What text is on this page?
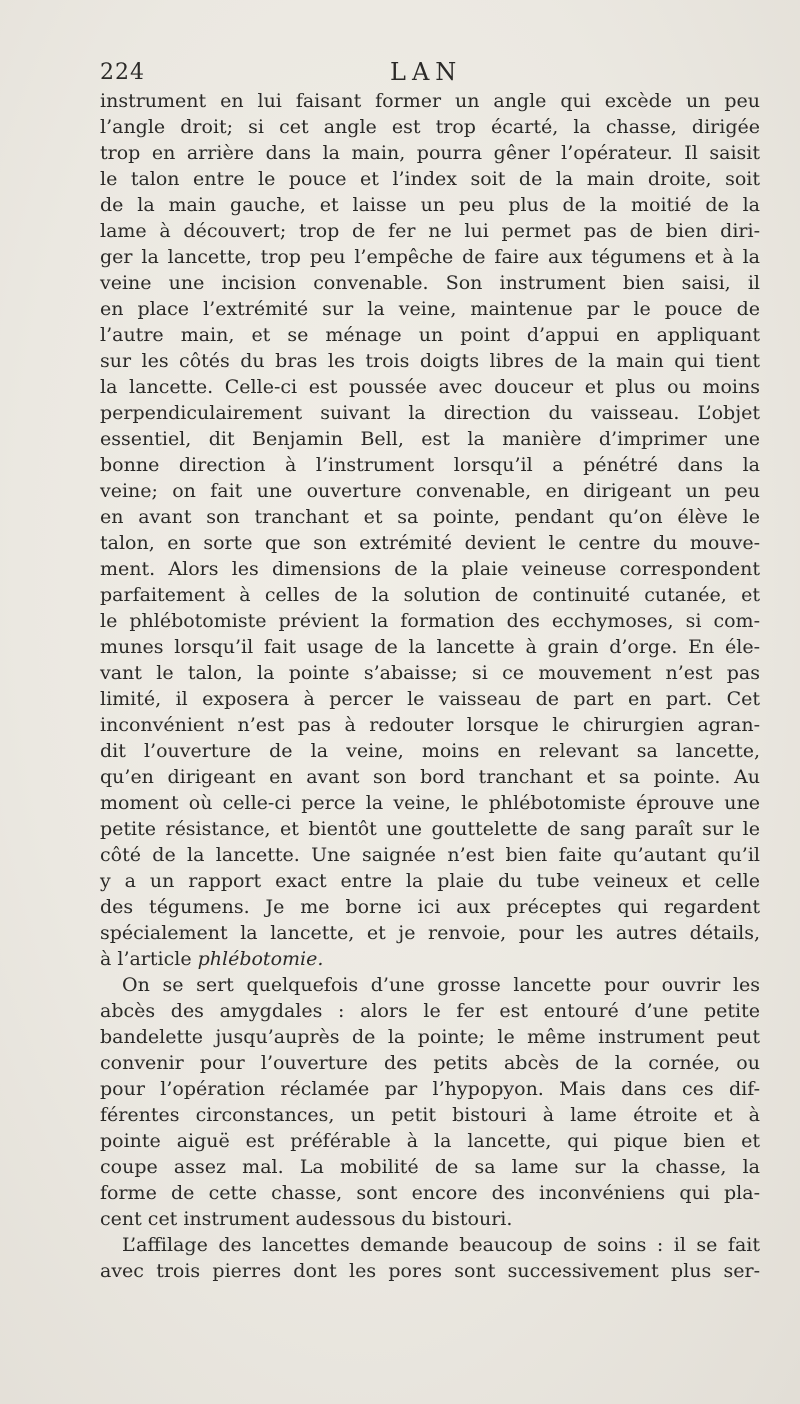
224	LAN
instrument en lui faisant former un angle qui excède un peu
l’angle droit; si cet angle est trop écarté, la chasse, dirigée
trop en arrière dans la main, pourra gêner l’opérateur. Il saisit
le talon entre le pouce et l’index soit de la main droite, soit
de la main gauche, et laisse un peu plus de la moitié de la
lame à découvert; trop de fer ne lui permet pas de bien diri-
ger la lancette, trop peu l’empêche de faire aux tégumens et à la
veine une incision convenable. Son instrument bien saisi, il
en place l’extrémité sur la veine, maintenue par le pouce de
l’autre main, et se ménage un point d’appui en appliquant
sur les côtés du bras les trois doigts libres de la main qui tient
la lancette. Celle-ci est poussée avec douceur et plus ou moins
perpendiculairement suivant la direction du vaisseau. L’objet
essentiel, dit Benjamin Bell, est la manière d’imprimer une
bonne direction à l’instrument lorsqu’il a pénétré dans la
veine; on fait une ouverture convenable, en dirigeant un peu
en avant son tranchant et sa pointe, pendant qu’on élève le
talon, en sorte que son extrémité devient le centre du mouve-
ment. Alors les dimensions de la plaie veineuse correspondent
parfaitement à celles de la solution de continuité cutanée, et
le phlébotomiste prévient la formation des ecchymoses, si com-
munes lorsqu’il fait usage de la lancette à grain d’orge. En éle-
vant le talon, la pointe s’abaisse; si ce mouvement n’est pas
limité, il exposera à percer le vaisseau de part en part. Cet
inconvénient n’est pas à redouter lorsque le chirurgien agran-
dit l’ouverture de la veine, moins en relevant sa lancette,
qu’en dirigeant en avant son bord tranchant et sa pointe. Au
moment où celle-ci perce la veine, le phlébotomiste éprouve une
petite résistance, et bientôt une gouttelette de sang paraît sur le
côté de la lancette. Une saignée n’est bien faite qu’autant qu’il
y a un rapport exact entre la plaie du tube veineux et celle
des tégumens. Je me borne ici aux préceptes qui regardent
spécialement la lancette, et je renvoie, pour les autres détails,
à l’article phlébotomie.
On se sert quelquefois d’une grosse lancette pour ouvrir les
abcès des amygdales : alors le fer est entouré d’une petite
bandelette jusqu’auprès de la pointe; le même instrument peut
convenir pour l’ouverture des petits abcès de la cornée, ou
pour l’opération réclamée par l’hypopyon. Mais dans ces dif-
férentes circonstances, un petit bistouri à lame étroite et à
pointe aiguë est préférable à la lancette, qui pique bien et
coupe assez mal. La mobilité de sa lame sur la chasse, la
forme de cette chasse, sont encore des inconvéniens qui pla-
cent cet instrument audessous du bistouri.
L’affilage des lancettes demande beaucoup de soins : il se fait
avec trois pierres dont les pores sont successivement plus ser-
